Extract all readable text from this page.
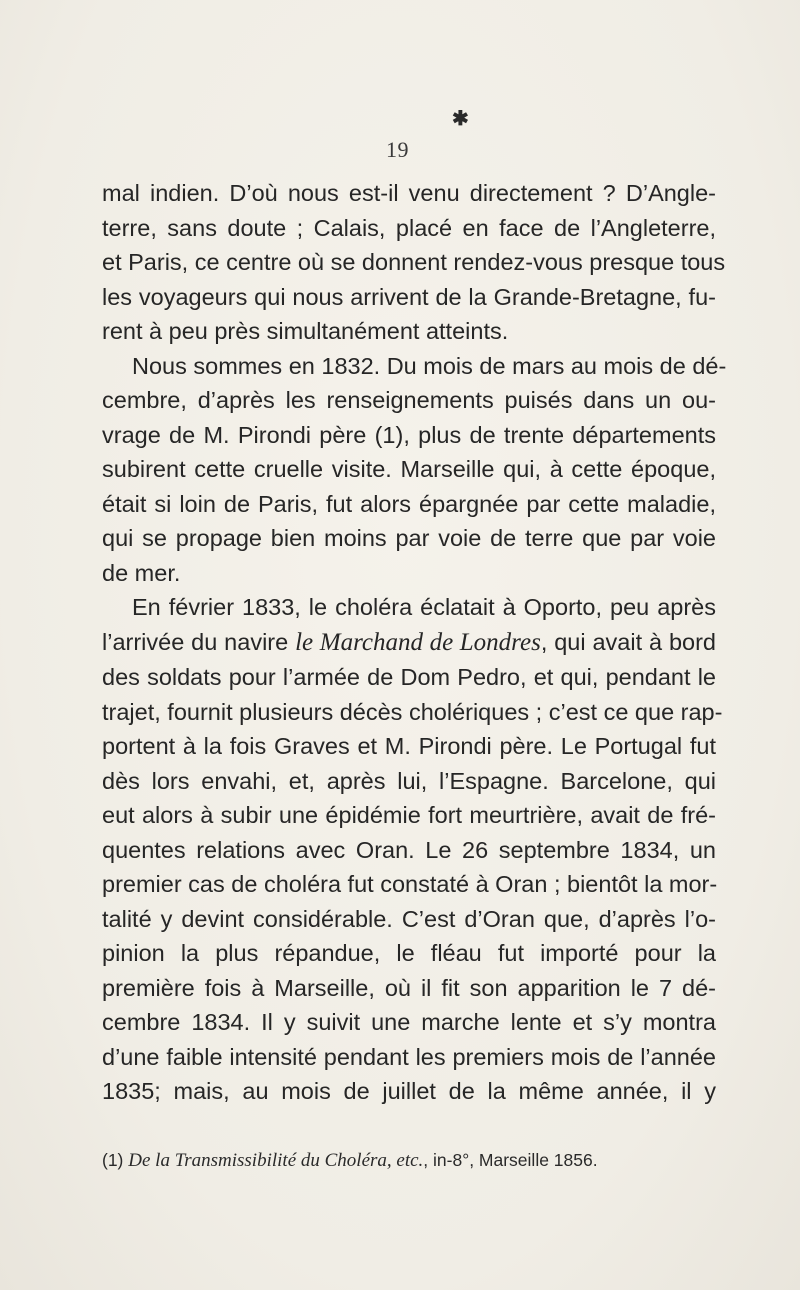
✱
19
mal indien. D’où nous est-il venu directement ? D’Angle-
terre, sans doute ; Calais, placé en face de l’Angleterre,
et Paris, ce centre où se donnent rendez-vous presque tous
les voyageurs qui nous arrivent de la Grande-Bretagne, fu-
rent à peu près simultanément atteints.
Nous sommes en 1832. Du mois de mars au mois de dé-
cembre, d’après les renseignements puisés dans un ou-
vrage de M. Pirondi père (1), plus de trente départements
subirent cette cruelle visite. Marseille qui, à cette époque,
était si loin de Paris, fut alors épargnée par cette maladie,
qui se propage bien moins par voie de terre que par voie
de mer.
En février 1833, le choléra éclatait à Oporto, peu après
l’arrivée du navire le Marchand de Londres, qui avait à bord
des soldats pour l’armée de Dom Pedro, et qui, pendant le
trajet, fournit plusieurs décès cholériques ; c’est ce que rap-
portent à la fois Graves et M. Pirondi père. Le Portugal fut
dès lors envahi, et, après lui, l’Espagne. Barcelone, qui
eut alors à subir une épidémie fort meurtrière, avait de fré-
quentes relations avec Oran. Le 26 septembre 1834, un
premier cas de choléra fut constaté à Oran ; bientôt la mor-
talité y devint considérable. C’est d’Oran que, d’après l’o-
pinion la plus répandue, le fléau fut importé pour la
première fois à Marseille, où il fit son apparition le 7 dé-
cembre 1834. Il y suivit une marche lente et s’y montra
d’une faible intensité pendant les premiers mois de l’année
1835; mais, au mois de juillet de la même année, il y
(1) De la Transmissibilité du Choléra, etc., in-8°, Marseille 1856.
